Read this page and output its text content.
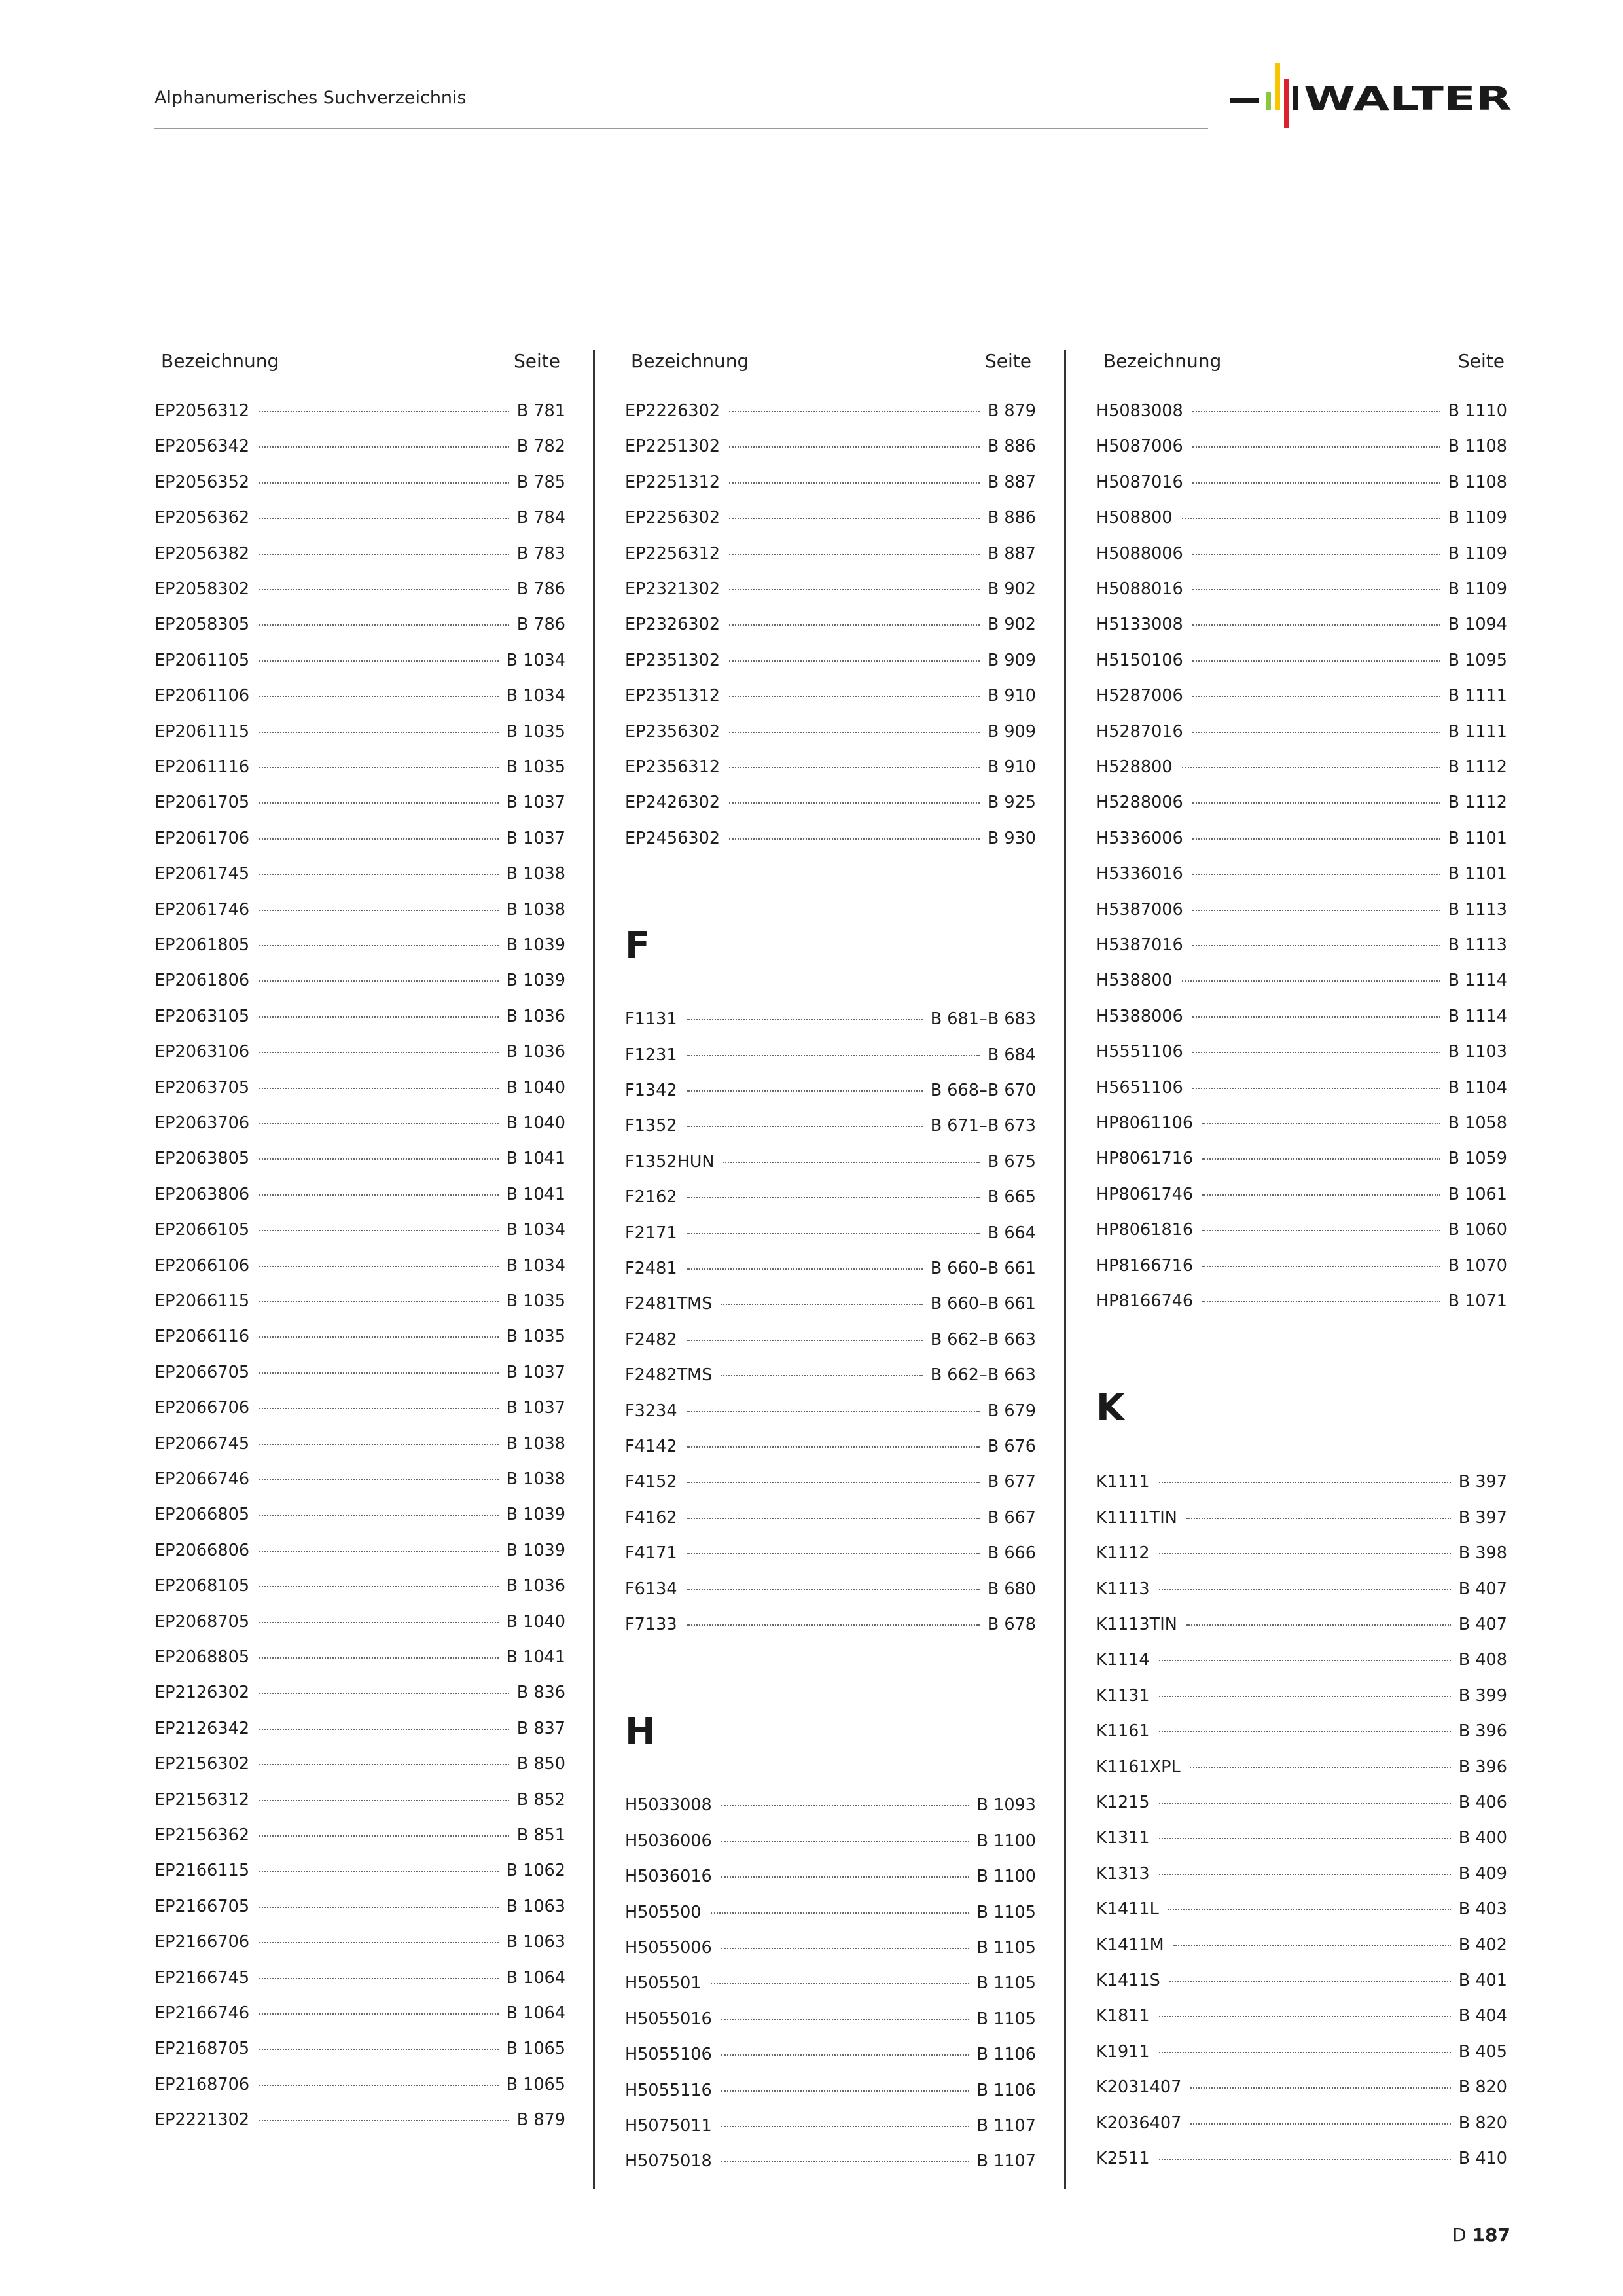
Alphanumerisches Suchverzeichnis	WALTER
Bezeichnung	Seite	Bezeichnung	Seite	Bezeichnung	Seite
EP2056312	B 781
EP2056342	B 782
EP2056352	B 785
EP2056362	B 784
EP2056382	B 783
EP2058302	B 786
EP2058305	B 786
EP2061105	B 1034
EP2061106	B 1034
EP2061115	B 1035
EP2061116	B 1035
EP2061705	B 1037
EP2061706	B 1037
EP2061745	B 1038
EP2061746	B 1038
EP2061805	B 1039
EP2061806	B 1039
EP2063105	B 1036
EP2063106	B 1036
EP2063705	B 1040
EP2063706	B 1040
EP2063805	B 1041
EP2063806	B 1041
EP2066105	B 1034
EP2066106	B 1034
EP2066115	B 1035
EP2066116	B 1035
EP2066705	B 1037
EP2066706	B 1037
EP2066745	B 1038
EP2066746	B 1038
EP2066805	B 1039
EP2066806	B 1039
EP2068105	B 1036
EP2068705	B 1040
EP2068805	B 1041
EP2126302	B 836
EP2126342	B 837
EP2156302	B 850
EP2156312	B 852
EP2156362	B 851
EP2166115	B 1062
EP2166705	B 1063
EP2166706	B 1063
EP2166745	B 1064
EP2166746	B 1064
EP2168705	B 1065
EP2168706	B 1065
EP2221302	B 879
EP2226302	B 879
EP2251302	B 886
EP2251312	B 887
EP2256302	B 886
EP2256312	B 887
EP2321302	B 902
EP2326302	B 902
EP2351302	B 909
EP2351312	B 910
EP2356302	B 909
EP2356312	B 910
EP2426302	B 925
EP2456302	B 930
F
F1131	B 681–B 683
F1231	B 684
F1342	B 668–B 670
F1352	B 671–B 673
F1352HUN	B 675
F2162	B 665
F2171	B 664
F2481	B 660–B 661
F2481TMS	B 660–B 661
F2482	B 662–B 663
F2482TMS	B 662–B 663
F3234	B 679
F4142	B 676
F4152	B 677
F4162	B 667
F4171	B 666
F6134	B 680
F7133	B 678
H
H5033008	B 1093
H5036006	B 1100
H5036016	B 1100
H505500	B 1105
H5055006	B 1105
H505501	B 1105
H5055016	B 1105
H5055106	B 1106
H5055116	B 1106
H5075011	B 1107
H5075018	B 1107
H5083008	B 1110
H5087006	B 1108
H5087016	B 1108
H508800	B 1109
H5088006	B 1109
H5088016	B 1109
H5133008	B 1094
H5150106	B 1095
H5287006	B 1111
H5287016	B 1111
H528800	B 1112
H5288006	B 1112
H5336006	B 1101
H5336016	B 1101
H5387006	B 1113
H5387016	B 1113
H538800	B 1114
H5388006	B 1114
H5551106	B 1103
H5651106	B 1104
HP8061106	B 1058
HP8061716	B 1059
HP8061746	B 1061
HP8061816	B 1060
HP8166716	B 1070
HP8166746	B 1071
K
K1111	B 397
K1111TIN	B 397
K1112	B 398
K1113	B 407
K1113TIN	B 407
K1114	B 408
K1131	B 399
K1161	B 396
K1161XPL	B 396
K1215	B 406
K1311	B 400
K1313	B 409
K1411L	B 403
K1411M	B 402
K1411S	B 401
K1811	B 404
K1911	B 405
K2031407	B 820
K2036407	B 820
K2511	B 410
D 187
